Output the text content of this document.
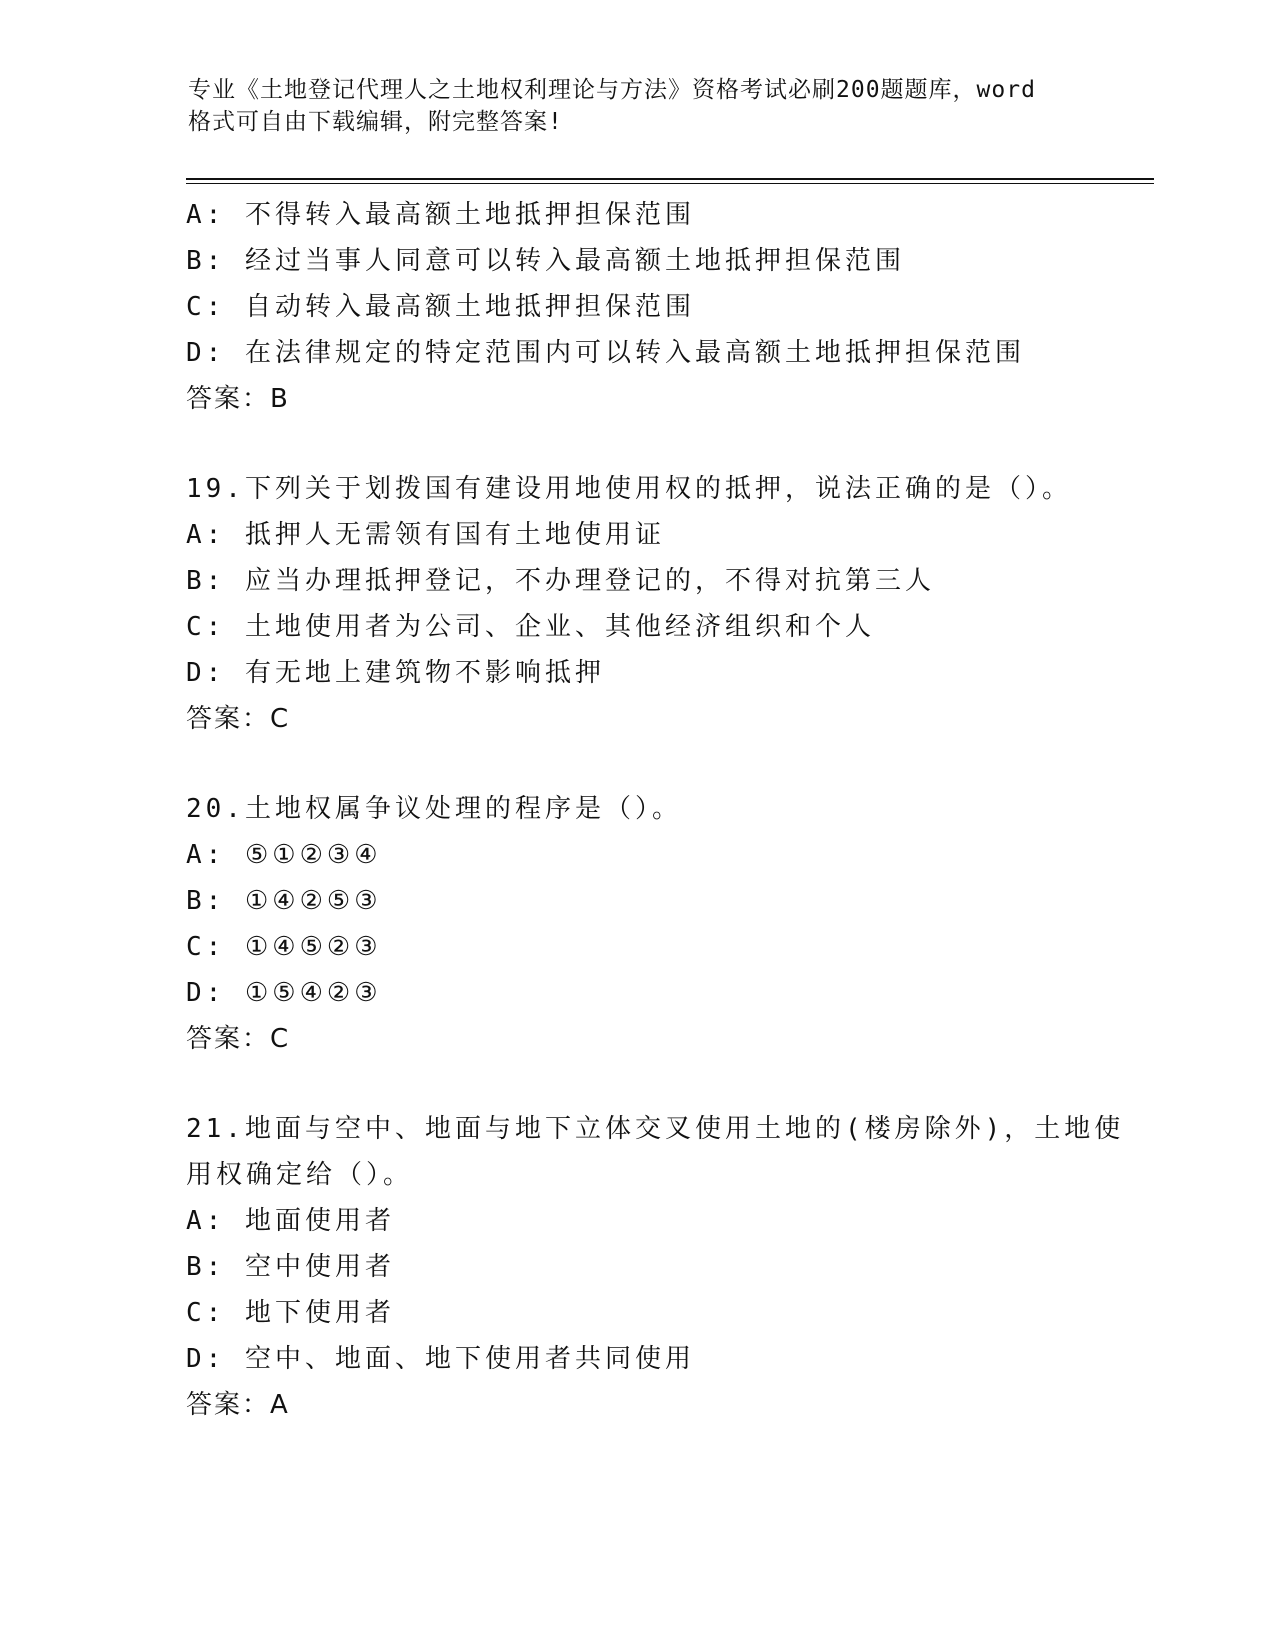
专业《土地登记代理人之土地权利理论与方法》资格考试必刷200题题库，word
格式可自由下载编辑，附完整答案!
A: 不得转入最高额土地抵押担保范围
B: 经过当事人同意可以转入最高额土地抵押担保范围
C: 自动转入最高额土地抵押担保范围
D: 在法律规定的特定范围内可以转入最高额土地抵押担保范围
答案：B
19.下列关于划拨国有建设用地使用权的抵押，说法正确的是（）。
A: 抵押人无需领有国有土地使用证
B: 应当办理抵押登记，不办理登记的，不得对抗第三人
C: 土地使用者为公司、企业、其他经济组织和个人
D: 有无地上建筑物不影响抵押
答案：C
20.土地权属争议处理的程序是（）。
A: ⑤①②③④
B: ①④②⑤③
C: ①④⑤②③
D: ①⑤④②③
答案：C
21.地面与空中、地面与地下立体交叉使用土地的(楼房除外)，土地使
用权确定给（）。
A: 地面使用者
B: 空中使用者
C: 地下使用者
D: 空中、地面、地下使用者共同使用
答案：A
